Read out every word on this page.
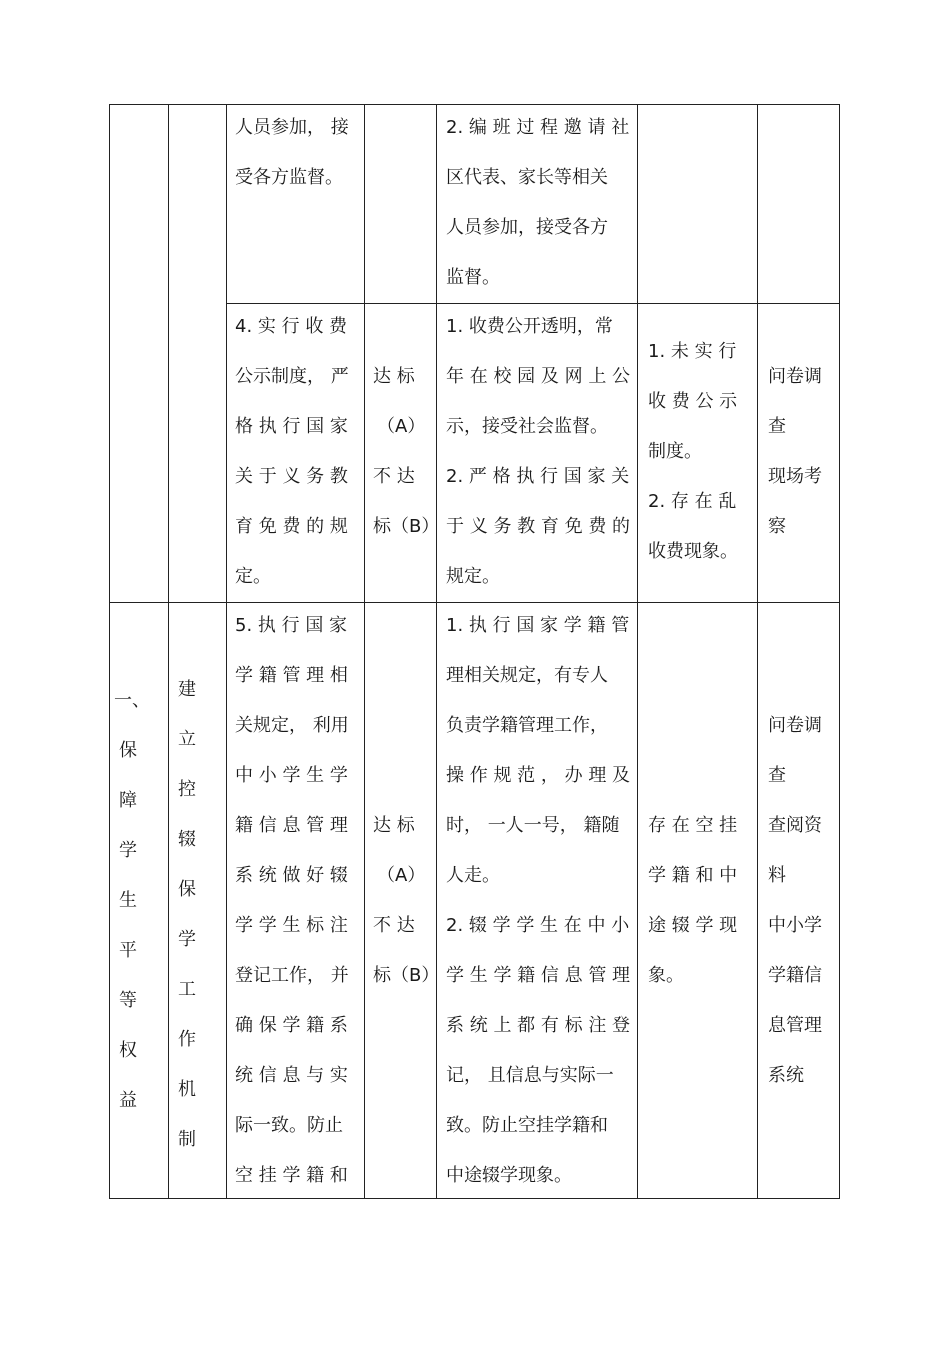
人员参加， 接
受各方监督。
2. 编 班 过 程 邀 请 社
区代表、家长等相关
人员参加，接受各方
监督。
4. 实 行 收 费
公示制度， 严
格 执 行 国 家
关 于 义 务 教
育 免 费 的 规
定。
达 标
（A）
不 达
标（B）
1. 收费公开透明，常
年 在 校 园 及 网 上 公
示，接受社会监督。
2. 严 格 执 行 国 家 关
于 义 务 教 育 免 费 的
规定。
1. 未 实 行
收 费 公 示
制度。
2. 存 在 乱
收费现象。
问卷调
查
现场考
察
一、
保
障
学
生
平
等
权
益
建
立
控
辍
保
学
工
作
机
制
5. 执 行 国 家
学 籍 管 理 相
关规定， 利用
中 小 学 生 学
籍 信 息 管 理
系 统 做 好 辍
学 学 生 标 注
登记工作， 并
确 保 学 籍 系
统 信 息 与 实
际一致。防止
空 挂 学 籍 和
达 标
（A）
不 达
标（B）
1. 执 行 国 家 学 籍 管
理相关规定，有专人
负责学籍管理工作，
操 作 规 范 ， 办 理 及
时， 一人一号， 籍随
人走。
2. 辍 学 学 生 在 中 小
学 生 学 籍 信 息 管 理
系 统 上 都 有 标 注 登
记， 且信息与实际一
致。防止空挂学籍和
中途辍学现象。
存 在 空 挂
学 籍 和 中
途 辍 学 现
象。
问卷调
查
查阅资
料
中小学
学籍信
息管理
系统
